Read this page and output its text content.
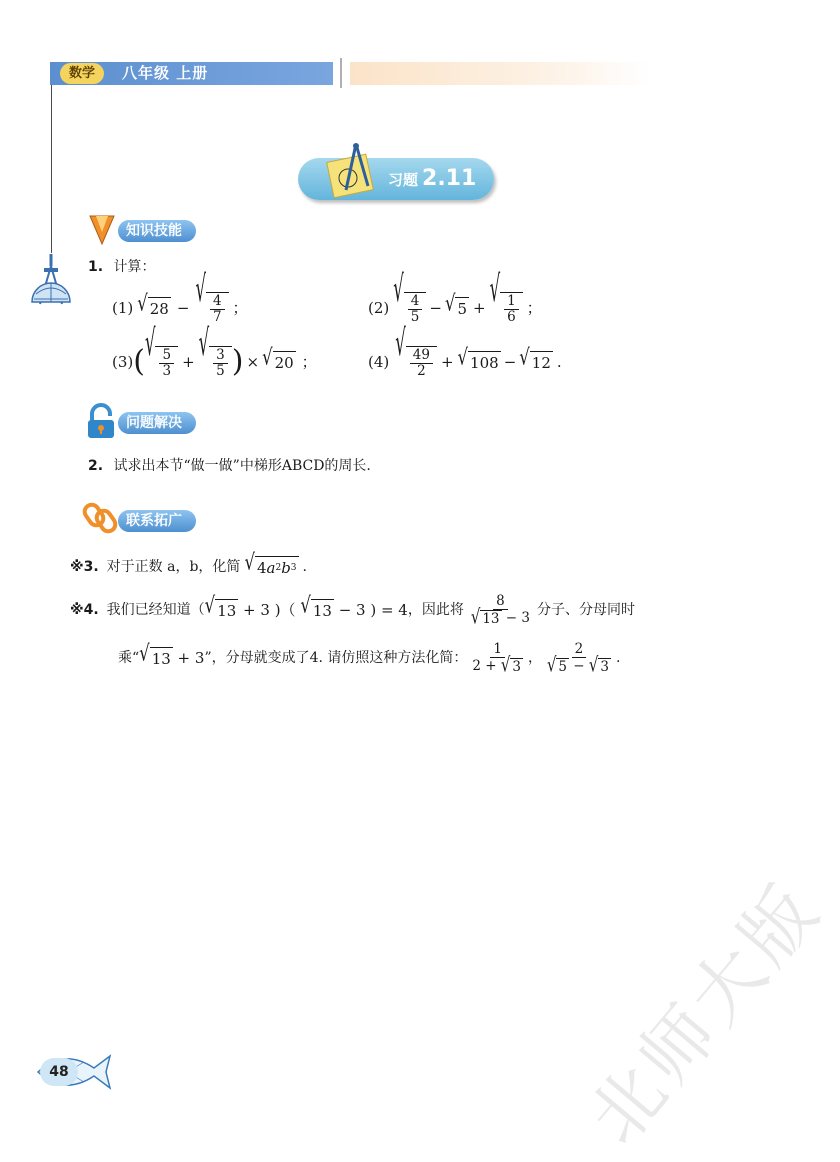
数学	八年级 上册
习题 2.11
知识技能
1. 计算：
(1) √ 28 − √ $\frac{4}{7}$ ；	(2) √ $\frac{4}{5}$ − √ 5 + √ $\frac{1}{6}$ ；
(3) ( √ $\frac{5}{3}$ + √ $\frac{3}{5}$ ) × √ 20 ；	(4) √ $\frac{49}{2}$ + √ 108 − √ 12 .
问题解决
2. 试求出本节“做一做”中梯形ABCD的周长.
联系拓广
※3. 对于正数 a，b，化简 √ 4 a 2 b 3 .
※4. 我们已经知道（ √ 13 + 3 )（ √ 13 − 3 ) = 4 ，因此将 $\frac{8}{√ 13 - 3}$ 分子、分母同时
乘“ √ 13 + 3 ”，分母就变成了4. 请仿照这种方法化简： $\frac{1}{2 + √ 3}$ ， $\frac{2}{√ 5 - √ 3}$ .
48	北师大版
